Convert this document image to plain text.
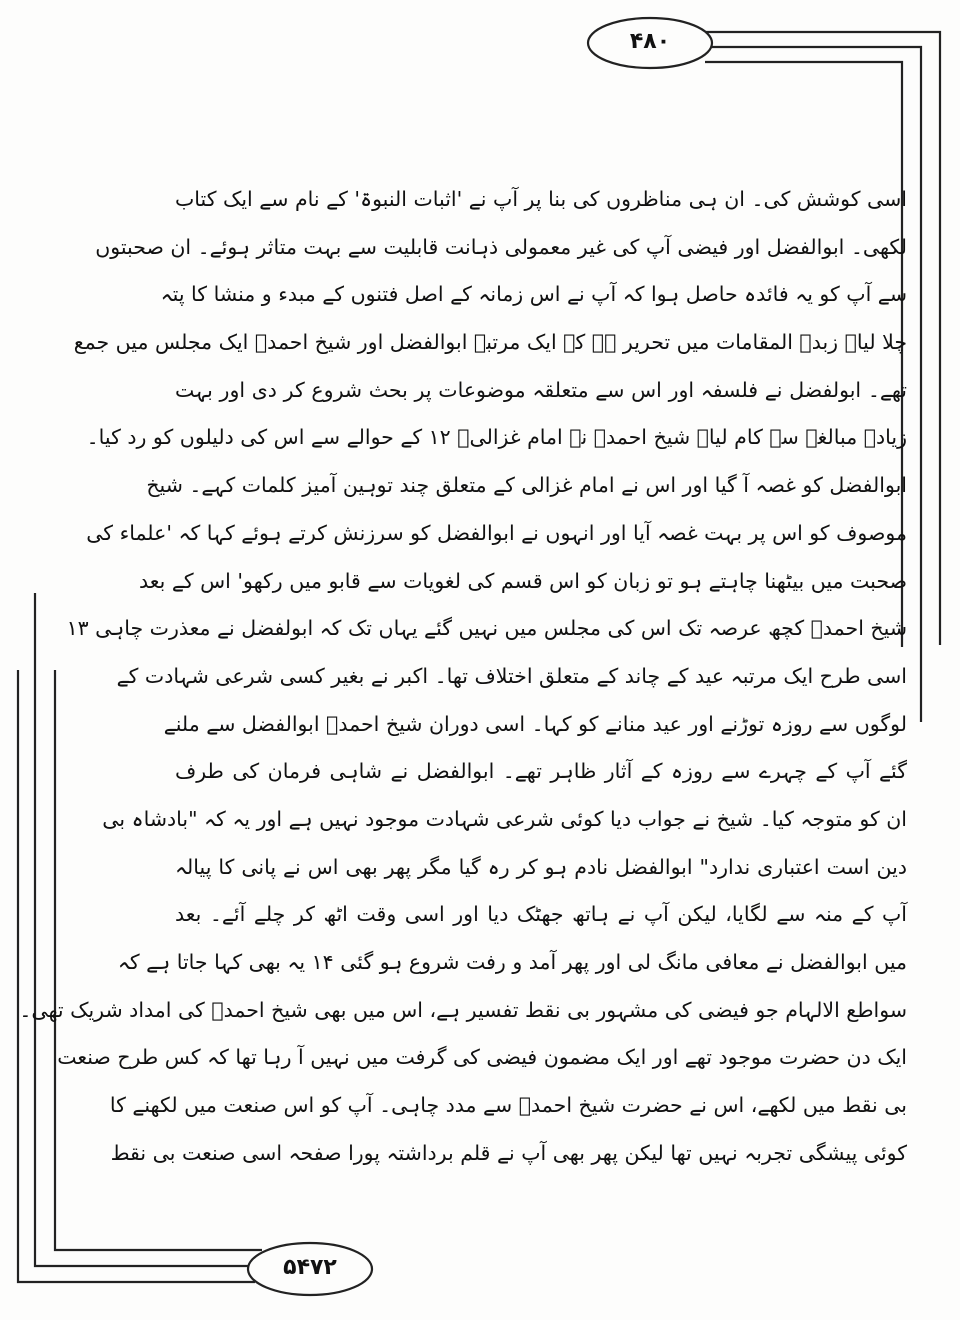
۴۸۰
۵۴۷۲
اسی کوشش کی۔ ان ہی مناظروں کی بنا پر آپ نے 'اثبات النبوۃ' کے نام سے ایک کتاب
لکھی۔ ابوالفضل اور فیضی آپ کی غیر معمولی ذہانت قابلیت سے بہت متاثر ہوئے۔ ان صحبتوں
سے آپ کو یہ فائدہ حاصل ہوا کہ آپ نے اس زمانہ کے اصل فتنوں کے مبدء و منشا کا پتہ
چلا لیا۔ زبدۃ المقامات میں تحریر ہے کہ ایک مرتبہ ابوالفضل اور شیخ احمدؒ ایک مجلس میں جمع
تھے۔ ابولفضل نے فلسفہ اور اس سے متعلقہ موضوعات پر بحث شروع کر دی اور بہت
زیادہ مبالغہ سے کام لیا۔ شیخ احمدؒ نے امام غزالیؒ ۱۲ کے حوالے سے اس کی دلیلوں کو رد کیا۔
ابوالفضل کو غصہ آ گیا اور اس نے امام غزالی کے متعلق چند توہین آمیز کلمات کہے۔ شیخ
موصوف کو اس پر بہت غصہ آیا اور انہوں نے ابوالفضل کو سرزنش کرتے ہوئے کہا کہ 'علماء کی
صحبت میں بیٹھنا چاہتے ہو تو زبان کو اس قسم کی لغویات سے قابو میں رکھو' اس کے بعد
شیخ احمدؒ کچھ عرصہ تک اس کی مجلس میں نہیں گئے یہاں تک کہ ابولفضل نے معذرت چاہی ۱۳
اسی طرح ایک مرتبہ عید کے چاند کے متعلق اختلاف تھا۔ اکبر نے بغیر کسی شرعی شہادت کے
لوگوں سے روزہ توڑنے اور عید منانے کو کہا۔ اسی دوران شیخ احمدؒ ابوالفضل سے ملنے
گئے آپ کے چہرے سے روزہ کے آثار ظاہر تھے۔ ابوالفضل نے شاہی فرمان کی طرف
ان کو متوجہ کیا۔ شیخ نے جواب دیا کوئی شرعی شہادت موجود نہیں ہے اور یہ کہ "بادشاہ بی
دین است اعتباری ندارد" ابوالفضل نادم ہو کر رہ گیا مگر پھر بھی اس نے پانی کا پیالہ
آپ کے منہ سے لگایا، لیکن آپ نے ہاتھ جھٹک دیا اور اسی وقت اٹھ کر چلے آئے۔ بعد
میں ابوالفضل نے معافی مانگ لی اور پھر آمد و رفت شروع ہو گئی ۱۴ یہ بھی کہا جاتا ہے کہ
سواطع الالہام جو فیضی کی مشہور بی نقط تفسیر ہے، اس میں بھی شیخ احمدؒ کی امداد شریک تھی۔
ایک دن حضرت موجود تھے اور ایک مضمون فیضی کی گرفت میں نہیں آ رہا تھا کہ کس طرح صنعت
بی نقط میں لکھے، اس نے حضرت شیخ احمدؒ سے مدد چاہی۔ آپ کو اس صنعت میں لکھنے کا
کوئی پیشگی تجربہ نہیں تھا لیکن پھر بھی آپ نے قلم برداشتہ پورا صفحہ اسی صنعت بی نقط
